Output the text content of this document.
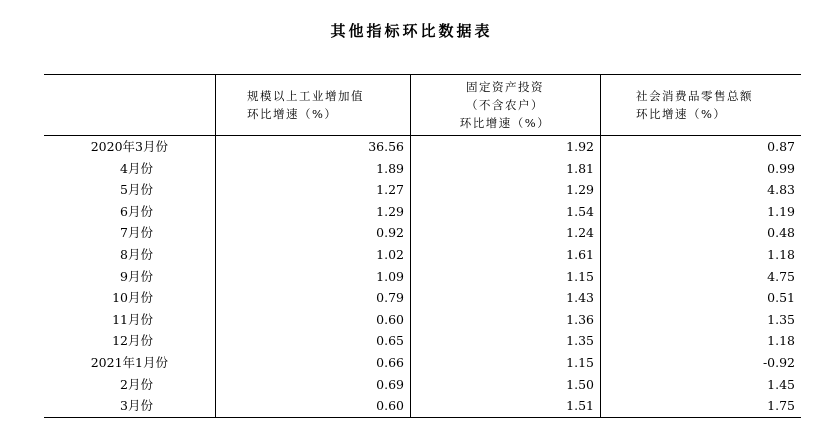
其他指标环比数据表
规模以上工业增加值
环比增速（%）
固定资产投资
（不含农户）
环比增速（%）
社会消费品零售总额
环比增速（%）
2020年3月份	36.56	1.92	0.87
4月份	1.89	1.81	0.99
5月份	1.27	1.29	4.83
6月份	1.29	1.54	1.19
7月份	0.92	1.24	0.48
8月份	1.02	1.61	1.18
9月份	1.09	1.15	4.75
10月份	0.79	1.43	0.51
11月份	0.60	1.36	1.35
12月份	0.65	1.35	1.18
2021年1月份	0.66	1.15	-0.92
2月份	0.69	1.50	1.45
3月份	0.60	1.51	1.75
